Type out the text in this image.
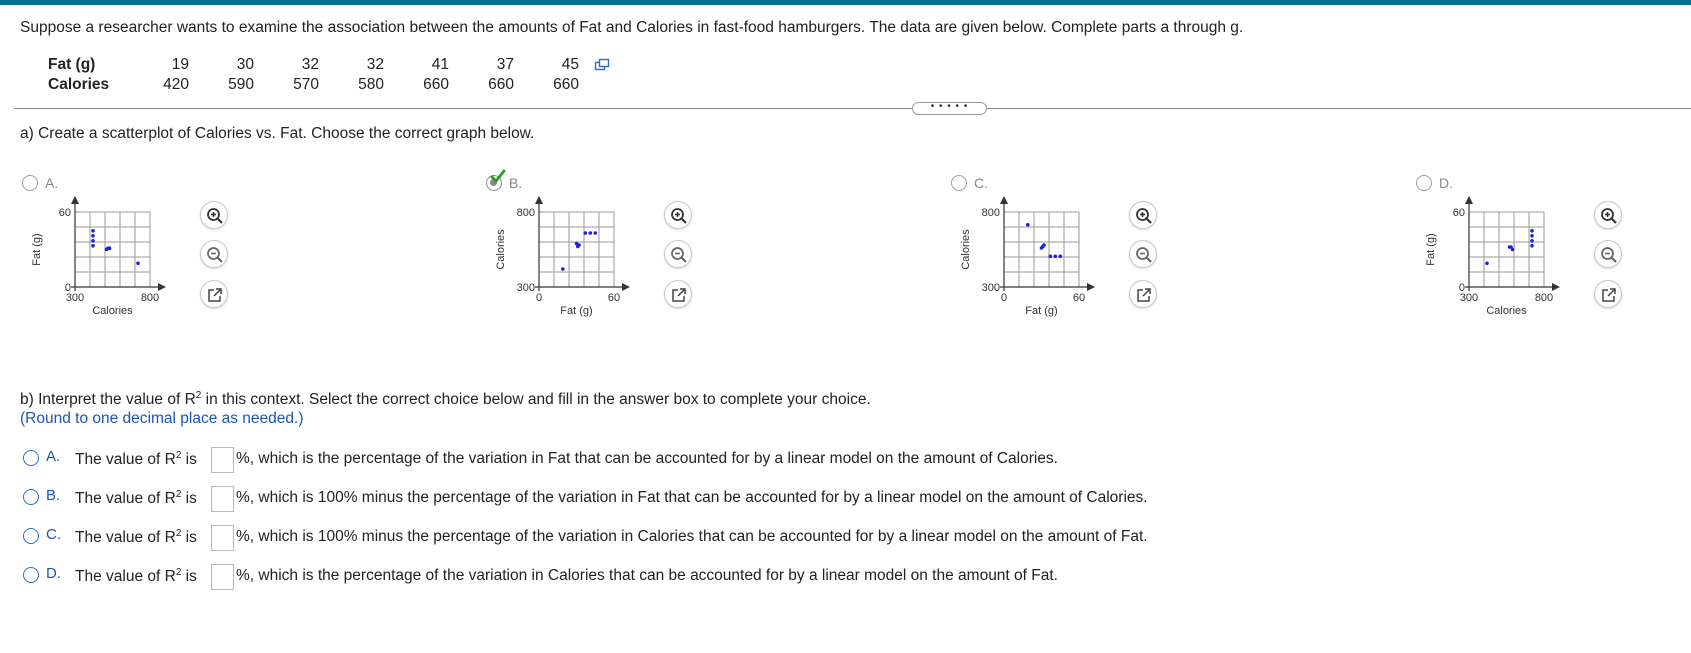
Suppose a researcher wants to examine the association between the amounts of Fat and Calories in fast-food hamburgers. The data are given below. Complete parts a through g.
Fat (g)	19	30	32	32	41	37	45
Calories	420	590	570	580	660	660	660
• • • • •
a) Create a scatterplot of Calories vs. Fat. Choose the correct graph below.
A.
0
60
300	800
Calories
Fat (g)
B.
300
800
0	60
Fat (g)
Calories
C.
300
800
0	60
Fat (g)
Calories
D.
0
60
300	800
Calories
Fat (g)
b) Interpret the value of $R^2$ in this context. Select the correct choice below and fill in the answer box to complete your choice.
(Round to one decimal place as needed.)
A. The value of $R^2$ is	%, which is the percentage of the variation in Fat that can be accounted for by a linear model on the amount of Calories.
B. The value of $R^2$ is	%, which is 100% minus the percentage of the variation in Fat that can be accounted for by a linear model on the amount of Calories.
C. The value of $R^2$ is	%, which is 100% minus the percentage of the variation in Calories that can be accounted for by a linear model on the amount of Fat.
D. The value of $R^2$ is	%, which is the percentage of the variation in Calories that can be accounted for by a linear model on the amount of Fat.
